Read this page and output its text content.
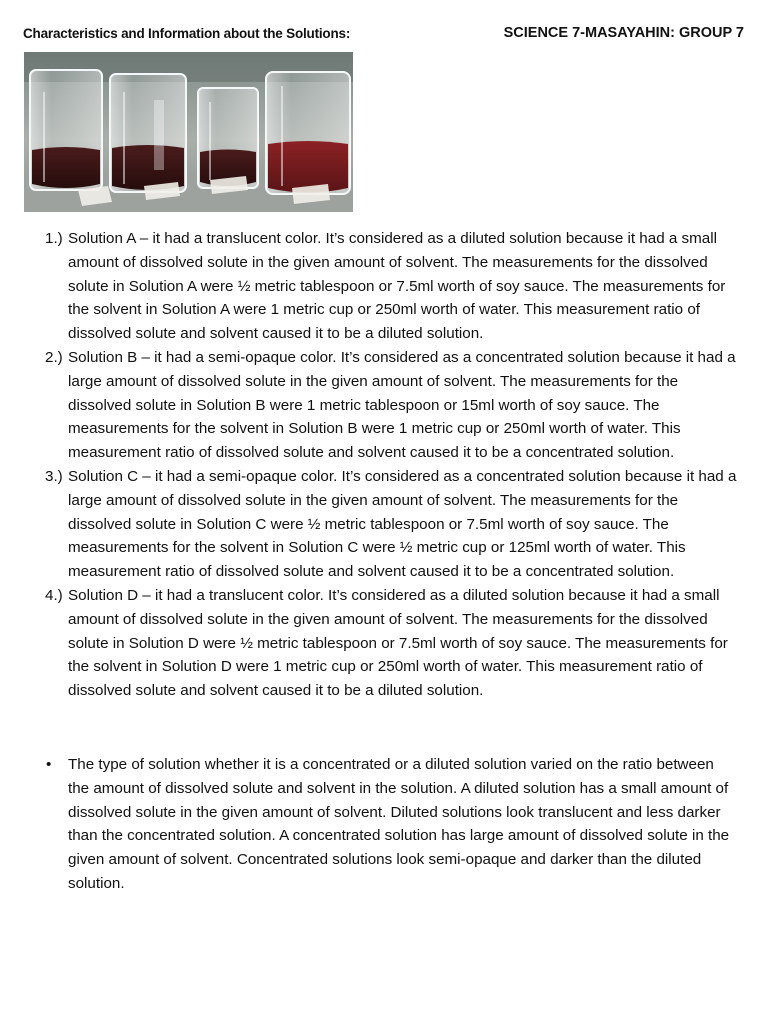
Characteristics and Information about the Solutions:	SCIENCE 7-MASAYAHIN: GROUP 7
1.) Solution A – it had a translucent color. It’s considered as a diluted solution because it had a small amount of dissolved solute in the given amount of solvent. The measurements for the dissolved solute in Solution A were ½ metric tablespoon or 7.5ml worth of soy sauce. The measurements for the solvent in Solution A were 1 metric cup or 250ml worth of water. This measurement ratio of dissolved solute and solvent caused it to be a diluted solution.
2.) Solution B – it had a semi-opaque color. It’s considered as a concentrated solution because it had a large amount of dissolved solute in the given amount of solvent. The measurements for the dissolved solute in Solution B were 1 metric tablespoon or 15ml worth of soy sauce. The measurements for the solvent in Solution B were 1 metric cup or 250ml worth of water. This measurement ratio of dissolved solute and solvent caused it to be a concentrated solution.
3.) Solution C – it had a semi-opaque color. It’s considered as a concentrated solution because it had a large amount of dissolved solute in the given amount of solvent. The measurements for the dissolved solute in Solution C were ½ metric tablespoon or 7.5ml worth of soy sauce. The measurements for the solvent in Solution C were ½ metric cup or 125ml worth of water. This measurement ratio of dissolved solute and solvent caused it to be a concentrated solution.
4.) Solution D – it had a translucent color. It’s considered as a diluted solution because it had a small amount of dissolved solute in the given amount of solvent. The measurements for the dissolved solute in Solution D were ½ metric tablespoon or 7.5ml worth of soy sauce. The measurements for the solvent in Solution D were 1 metric cup or 250ml worth of water. This measurement ratio of dissolved solute and solvent caused it to be a diluted solution.
• The type of solution whether it is a concentrated or a diluted solution varied on the ratio between the amount of dissolved solute and solvent in the solution. A diluted solution has a small amount of dissolved solute in the given amount of solvent. Diluted solutions look translucent and less darker than the concentrated solution. A concentrated solution has large amount of dissolved solute in the given amount of solvent. Concentrated solutions look semi-opaque and darker than the diluted solution.
